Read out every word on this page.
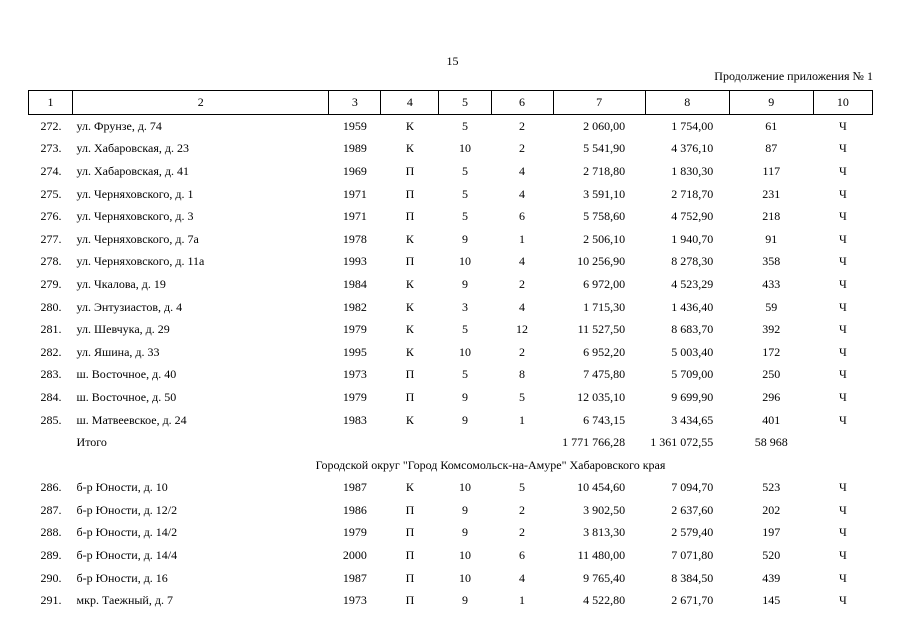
15
Продолжение приложения № 1
1	2	3	4	5	6	7	8	9	10
272.	ул. Фрунзе, д. 74	1959	К	5	2	2 060,00	1 754,00	61	Ч
273.	ул. Хабаровская, д. 23	1989	К	10	2	5 541,90	4 376,10	87	Ч
274.	ул. Хабаровская, д. 41	1969	П	5	4	2 718,80	1 830,30	117	Ч
275.	ул. Черняховского, д. 1	1971	П	5	4	3 591,10	2 718,70	231	Ч
276.	ул. Черняховского, д. 3	1971	П	5	6	5 758,60	4 752,90	218	Ч
277.	ул. Черняховского, д. 7а	1978	К	9	1	2 506,10	1 940,70	91	Ч
278.	ул. Черняховского, д. 11а	1993	П	10	4	10 256,90	8 278,30	358	Ч
279.	ул. Чкалова, д. 19	1984	К	9	2	6 972,00	4 523,29	433	Ч
280.	ул. Энтузиастов, д. 4	1982	К	3	4	1 715,30	1 436,40	59	Ч
281.	ул. Шевчука, д. 29	1979	К	5	12	11 527,50	8 683,70	392	Ч
282.	ул. Яшина, д. 33	1995	К	10	2	6 952,20	5 003,40	172	Ч
283.	ш. Восточное, д. 40	1973	П	5	8	7 475,80	5 709,00	250	Ч
284.	ш. Восточное, д. 50	1979	П	9	5	12 035,10	9 699,90	296	Ч
285.	ш. Матвеевское, д. 24	1983	К	9	1	6 743,15	3 434,65	401	Ч
	Итого					1 771 766,28	1 361 072,55	58 968	
Городской округ "Город Комсомольск-на-Амуре" Хабаровского края									
286.	б-р Юности, д. 10	1987	К	10	5	10 454,60	7 094,70	523	Ч
287.	б-р Юности, д. 12/2	1986	П	9	2	3 902,50	2 637,60	202	Ч
288.	б-р Юности, д. 14/2	1979	П	9	2	3 813,30	2 579,40	197	Ч
289.	б-р Юности, д. 14/4	2000	П	10	6	11 480,00	7 071,80	520	Ч
290.	б-р Юности, д. 16	1987	П	10	4	9 765,40	8 384,50	439	Ч
291.	мкр. Таежный, д. 7	1973	П	9	1	4 522,80	2 671,70	145	Ч
